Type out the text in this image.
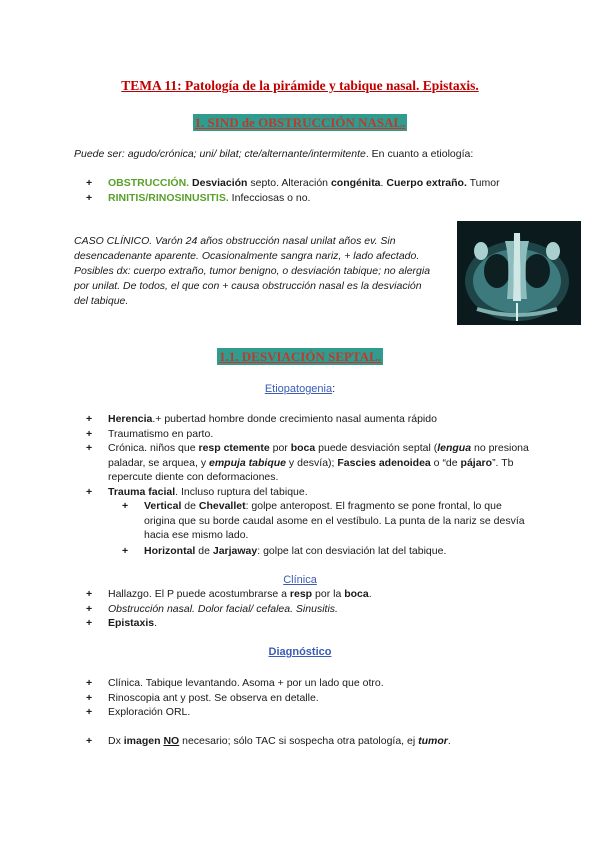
TEMA 11: Patología de la pirámide y tabique nasal. Epistaxis.
1. SIND de OBSTRUCCIÓN NASAL.
Puede ser: agudo/crónica; uni/ bilat; cte/alternante/intermitente. En cuanto a etiología:
+ OBSTRUCCIÓN. Desviación septo. Alteración congénita. Cuerpo extraño. Tumor
+ RINITIS/RINOSINUSITIS. Infecciosas o no.
CASO CLÍNICO. Varón 24 años obstrucción nasal unilat años ev. Sin desencadenante aparente. Ocasionalmente sangra nariz, + lado afectado. Posibles dx: cuerpo extraño, tumor benigno, o desviación tabique; no alergia por unilat. De todos, el que con + causa obstrucción nasal es la desviación del tabique.
1.1. DESVIACIÓN SEPTAL.
Etiopatogenia:
+ Herencia.+ pubertad hombre donde crecimiento nasal aumenta rápido
+ Traumatismo en parto.
+ Crónica. niños que resp ctemente por boca puede desviación septal (lengua no presiona paladar, se arquea, y empuja tabique y desvía); Fascies adenoidea o “de pájaro”. Tb repercute diente con deformaciones.
+ Trauma facial. Incluso ruptura del tabique.
+ Vertical de Chevallet: golpe anteropost. El fragmento se pone frontal, lo que origina que su borde caudal asome en el vestíbulo. La punta de la nariz se desvía hacia ese mismo lado.
+ Horizontal de Jarjaway: golpe lat con desviación lat del tabique.
Clínica
+ Hallazgo. El P puede acostumbrarse a resp por la boca.
+ Obstrucción nasal. Dolor facial/ cefalea. Sinusitis.
+ Epistaxis.
Diagnóstico
+ Clínica. Tabique levantando. Asoma + por un lado que otro.
+ Rinoscopia ant y post. Se observa en detalle.
+ Exploración ORL.
+ Dx imagen NO necesario; sólo TAC si sospecha otra patología, ej tumor.
